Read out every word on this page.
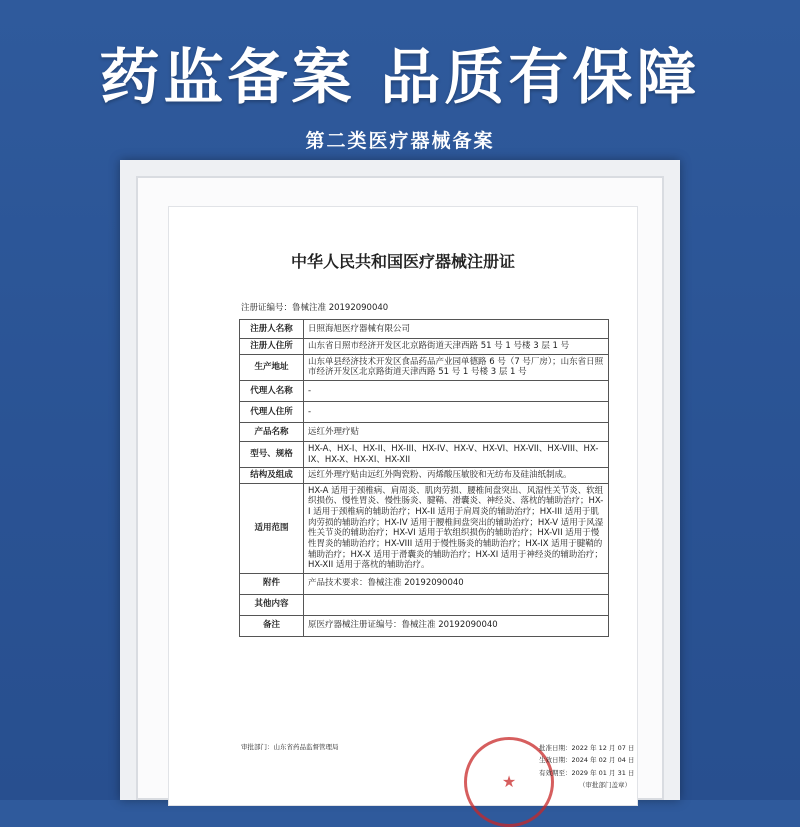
药监备案 品质有保障
第二类医疗器械备案
中华人民共和国医疗器械注册证
注册证编号：鲁械注准 20192090040
注册人名称	日照海旭医疗器械有限公司
注册人住所	山东省日照市经济开发区北京路街道天津西路 51 号 1 号楼 3 层 1 号
生产地址	山东单县经济技术开发区食品药品产业园单德路 6 号（7 号厂房）；山东省日照市经济开发区北京路街道天津西路 51 号 1 号楼 3 层 1 号
代理人名称	-
代理人住所	-
产品名称	远红外理疗贴
型号、规格	HX-A、HX-I、HX-II、HX-III、HX-IV、HX-V、HX-VI、HX-VII、HX-VIII、HX-IX、HX-X、HX-XI、HX-XII
结构及组成	远红外理疗贴由远红外陶瓷粉、丙烯酸压敏胶和无纺布及硅油纸制成。
适用范围	HX-A 适用于颈椎病、肩周炎、肌肉劳损、腰椎间盘突出、风湿性关节炎、软组织损伤、慢性胃炎、慢性肠炎、腱鞘、滑囊炎、神经炎、落枕的辅助治疗；HX-I 适用于颈椎病的辅助治疗；HX-II 适用于肩周炎的辅助治疗；HX-III 适用于肌肉劳损的辅助治疗；HX-IV 适用于腰椎间盘突出的辅助治疗；HX-V 适用于风湿性关节炎的辅助治疗；HX-VI 适用于软组织损伤的辅助治疗；HX-VII 适用于慢性胃炎的辅助治疗；HX-VIII 适用于慢性肠炎的辅助治疗；HX-IX 适用于腱鞘的辅助治疗；HX-X 适用于滑囊炎的辅助治疗；HX-XI 适用于神经炎的辅助治疗；HX-XII 适用于落枕的辅助治疗。
附件	产品技术要求：鲁械注准 20192090040
其他内容	
备注	原医疗器械注册证编号：鲁械注准 20192090040
审批部门：山东省药品监督管理局
★
批准日期：2022 年 12 月 07 日
生效日期：2024 年 02 月 04 日
有效期至：2029 年 01 月 31 日
（审批部门盖章）
